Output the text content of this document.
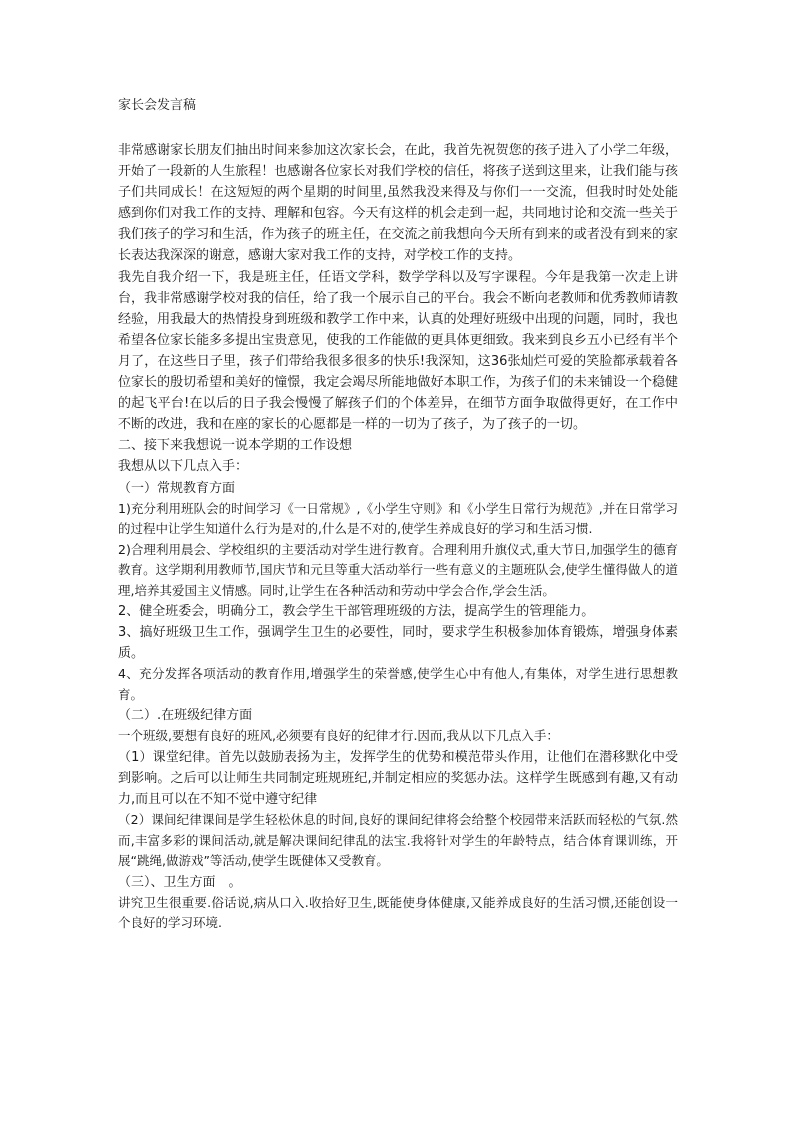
家长会发言稿

非常感谢家长朋友们抽出时间来参加这次家长会，在此，我首先祝贺您的孩子进入了小学二年级，开始了一段新的人生旅程！也感谢各位家长对我们学校的信任，将孩子送到这里来，让我们能与孩子们共同成长！在这短短的两个星期的时间里,虽然我没来得及与你们一一交流，但我时时处处能感到你们对我工作的支持、理解和包容。今天有这样的机会走到一起，共同地讨论和交流一些关于我们孩子的学习和生活，作为孩子的班主任，在交流之前我想向今天所有到来的或者没有到来的家长表达我深深的谢意，感谢大家对我工作的支持，对学校工作的支持。

我先自我介绍一下，我是班主任，任语文学科，数学学科以及写字课程。今年是我第一次走上讲台，我非常感谢学校对我的信任，给了我一个展示自己的平台。我会不断向老教师和优秀教师请教经验，用我最大的热情投身到班级和教学工作中来，认真的处理好班级中出现的问题，同时，我也希望各位家长能多多提出宝贵意见，使我的工作能做的更具体更细致。我来到良乡五小已经有半个月了，在这些日子里，孩子们带给我很多很多的快乐!我深知，这36张灿烂可爱的笑脸都承载着各位家长的殷切希望和美好的憧憬，我定会竭尽所能地做好本职工作，为孩子们的未来铺设一个稳健的起飞平台!在以后的日子我会慢慢了解孩子们的个体差异，在细节方面争取做得更好，在工作中不断的改进，我和在座的家长的心愿都是一样的一切为了孩子，为了孩子的一切。

二、接下来我想说一说本学期的工作设想

我想从以下几点入手：

（一）常规教育方面

1)充分利用班队会的时间学习《一日常规》,《小学生守则》和《小学生日常行为规范》,并在日常学习的过程中让学生知道什么行为是对的,什么是不对的,使学生养成良好的学习和生活习惯.

2)合理利用晨会、学校组织的主要活动对学生进行教育。合理利用升旗仪式,重大节日,加强学生的德育教育。这学期利用教师节,国庆节和元旦等重大活动举行一些有意义的主题班队会,使学生懂得做人的道理,培养其爱国主义情感。同时,让学生在各种活动和劳动中学会合作,学会生活。

2、健全班委会，明确分工，教会学生干部管理班级的方法，提高学生的管理能力。

3、搞好班级卫生工作，强调学生卫生的必要性，同时，要求学生积极参加体育锻炼，增强身体素质。

4、充分发挥各项活动的教育作用,增强学生的荣誉感,使学生心中有他人,有集体，对学生进行思想教育。

（二）.在班级纪律方面

一个班级,要想有良好的班风,必须要有良好的纪律才行.因而,我从以下几点入手：

（1）课堂纪律。首先以鼓励表扬为主，发挥学生的优势和模范带头作用，让他们在潜移默化中受到影响。之后可以让师生共同制定班规班纪,并制定相应的奖惩办法。这样学生既感到有趣,又有动力,而且可以在不知不觉中遵守纪律

（2）课间纪律课间是学生轻松休息的时间,良好的课间纪律将会给整个校园带来活跃而轻松的气氛.然而,丰富多彩的课间活动,就是解决课间纪律乱的法宝.我将针对学生的年龄特点，结合体育课训练，开展“跳绳,做游戏”等活动,使学生既健体又受教育。

（三）、卫生方面　。

讲究卫生很重要.俗话说,病从口入.收拾好卫生,既能使身体健康,又能养成良好的生活习惯,还能创设一个良好的学习环境.
